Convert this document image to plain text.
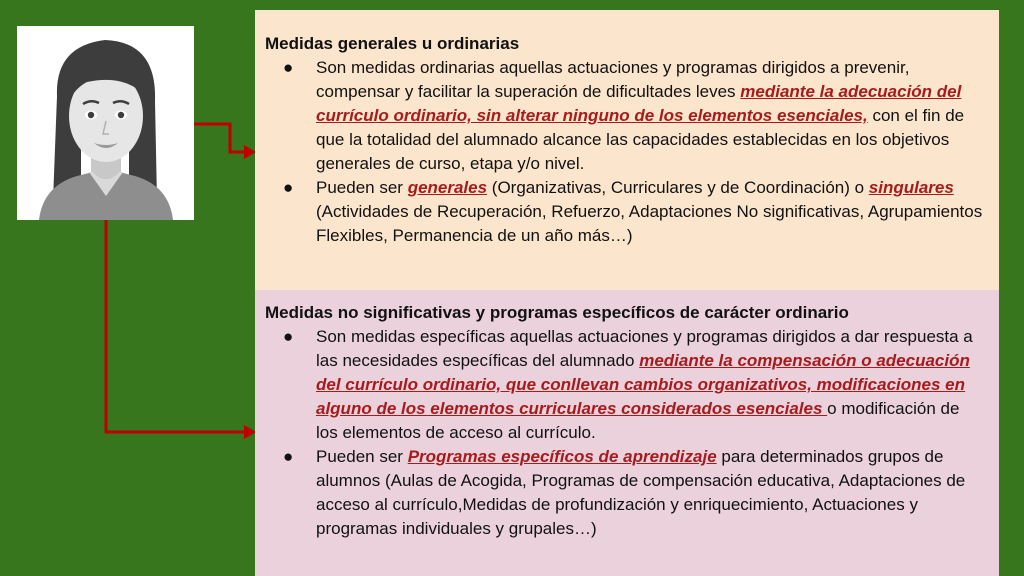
Medidas generales u ordinarias

● Son medidas ordinarias aquellas actuaciones y programas dirigidos a prevenir, compensar y facilitar la superación de dificultades leves mediante la adecuación del currículo ordinario, sin alterar ninguno de los elementos esenciales, con el fin de que la totalidad del alumnado alcance las capacidades establecidas en los objetivos generales de curso, etapa y/o nivel.
● Pueden ser generales (Organizativas, Curriculares y de Coordinación) o singulares (Actividades de Recuperación, Refuerzo, Adaptaciones No significativas, Agrupamientos Flexibles, Permanencia de un año más…)

Medidas no significativas y programas específicos de carácter ordinario

● Son medidas específicas aquellas actuaciones y programas dirigidos a dar respuesta a las necesidades específicas del alumnado mediante la compensación o adecuación del currículo ordinario, que conllevan cambios organizativos, modificaciones en alguno de los elementos curriculares considerados esenciales o modificación de los elementos de acceso al currículo.
● Pueden ser Programas específicos de aprendizaje para determinados grupos de alumnos (Aulas de Acogida, Programas de compensación educativa, Adaptaciones de acceso al currículo,Medidas de profundización y enriquecimiento, Actuaciones y programas individuales y grupales…)
